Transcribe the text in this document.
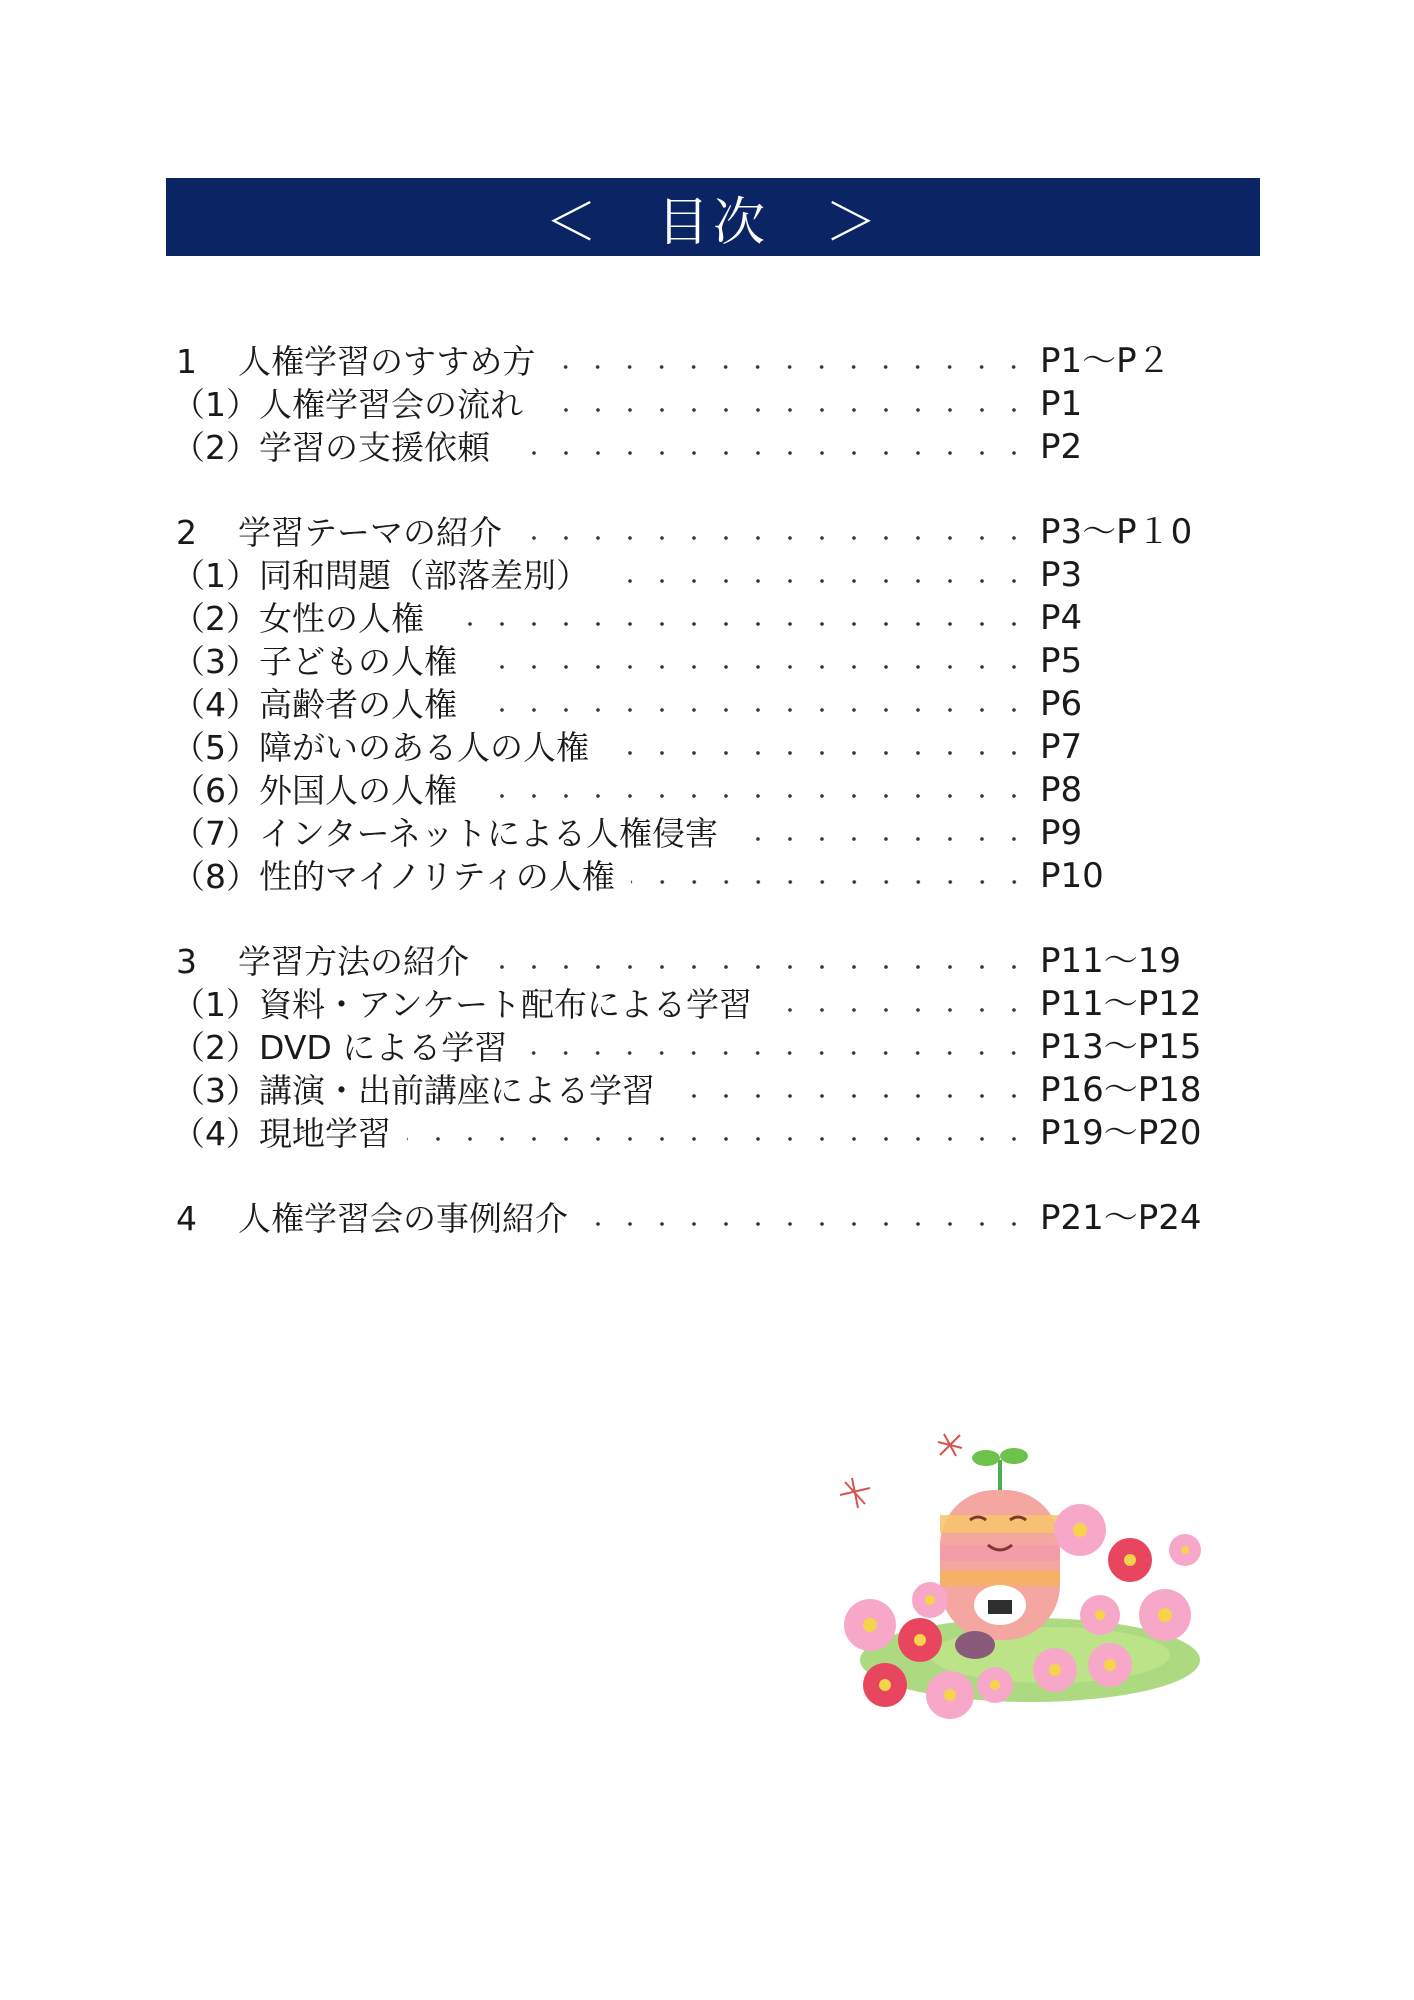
＜　目次　＞
1	人権学習のすすめ方	P1～P２
（1）人権学習会の流れ	P1
（2）学習の支援依頼	P2
2	学習テーマの紹介	P3～P１0
（1）同和問題（部落差別）	P3
（2）女性の人権	P4
（3）子どもの人権	P5
（4）高齢者の人権	P6
（5）障がいのある人の人権	P7
（6）外国人の人権	P8
（7）インターネットによる人権侵害	P9
（8）性的マイノリティの人権	P10
3	学習方法の紹介	P11～19
（1）資料・アンケート配布による学習	P11～P12
（2）DVD による学習	P13～P15
（3）講演・出前講座による学習	P16～P18
（4）現地学習	P19～P20
4	人権学習会の事例紹介	P21～P24
